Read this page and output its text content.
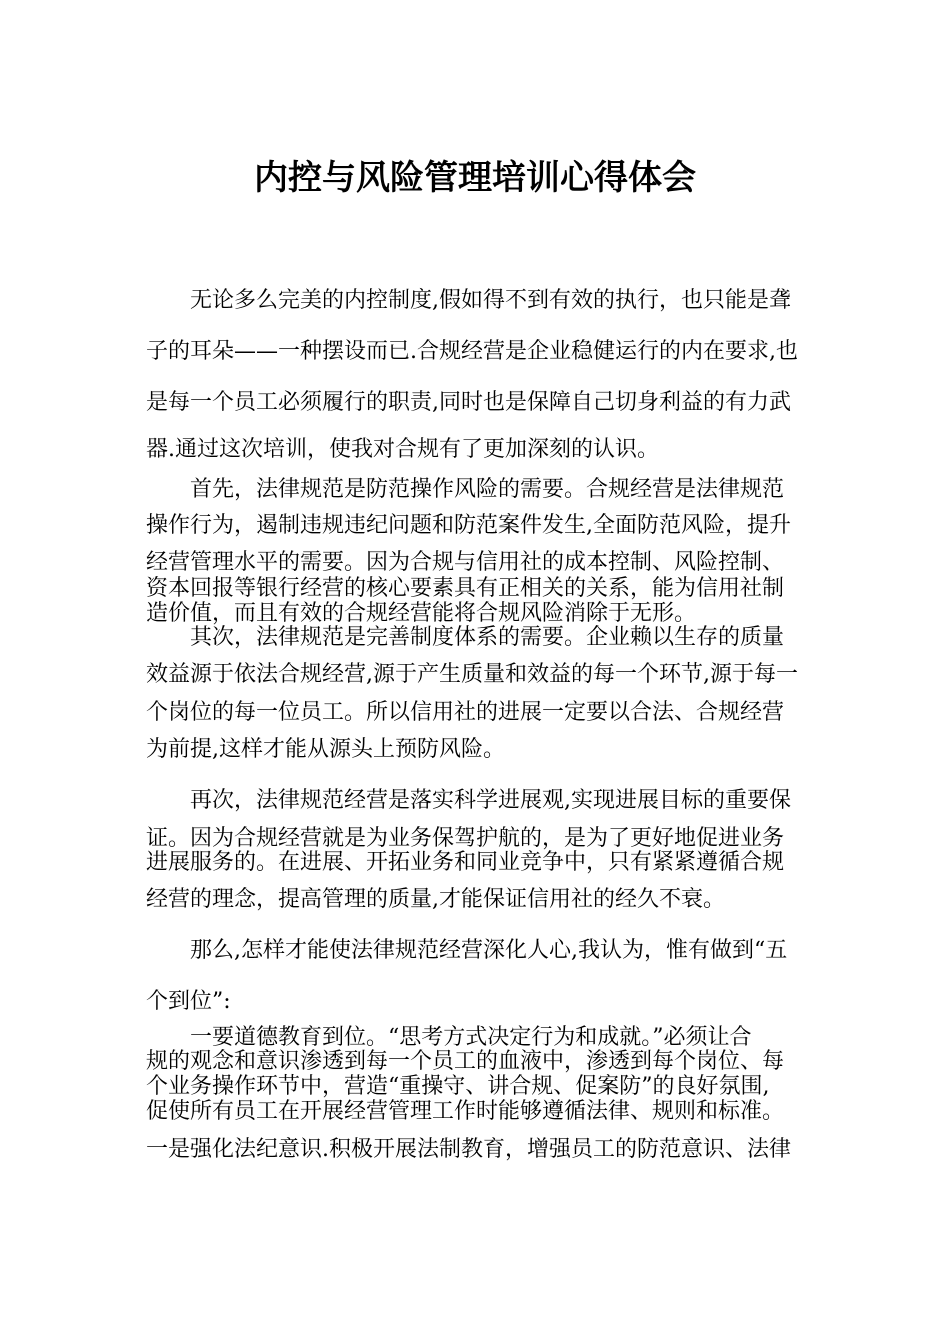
内控与风险管理培训心得体会
　　无论多么完美的内控制度,假如得不到有效的执行，也只能是聋
子的耳朵——一种摆设而已.合规经营是企业稳健运行的内在要求,也
是每一个员工必须履行的职责,同时也是保障自己切身利益的有力武
器.通过这次培训，使我对合规有了更加深刻的认识。
　　首先，法律规范是防范操作风险的需要。合规经营是法律规范
操作行为，遏制违规违纪问题和防范案件发生,全面防范风险，提升
经营管理水平的需要。因为合规与信用社的成本控制、风险控制、
资本回报等银行经营的核心要素具有正相关的关系，能为信用社制
造价值，而且有效的合规经营能将合规风险消除于无形。
　　其次，法律规范是完善制度体系的需要。企业赖以生存的质量
效益源于依法合规经营,源于产生质量和效益的每一个环节,源于每一
个岗位的每一位员工。所以信用社的进展一定要以合法、合规经营
为前提,这样才能从源头上预防风险。
　　再次，法律规范经营是落实科学进展观,实现进展目标的重要保
证。因为合规经营就是为业务保驾护航的，是为了更好地促进业务
进展服务的。在进展、开拓业务和同业竞争中，只有紧紧遵循合规
经营的理念，提高管理的质量,才能保证信用社的经久不衰。
　　那么,怎样才能使法律规范经营深化人心,我认为，惟有做到“五
个到位”:
　　一要道德教育到位。“思考方式决定行为和成就。”必须让合
规的观念和意识渗透到每一个员工的血液中，渗透到每个岗位、每
个业务操作环节中，营造“重操守、讲合规、促案防”的良好氛围,
促使所有员工在开展经营管理工作时能够遵循法律、规则和标准。
一是强化法纪意识.积极开展法制教育，增强员工的防范意识、法律
